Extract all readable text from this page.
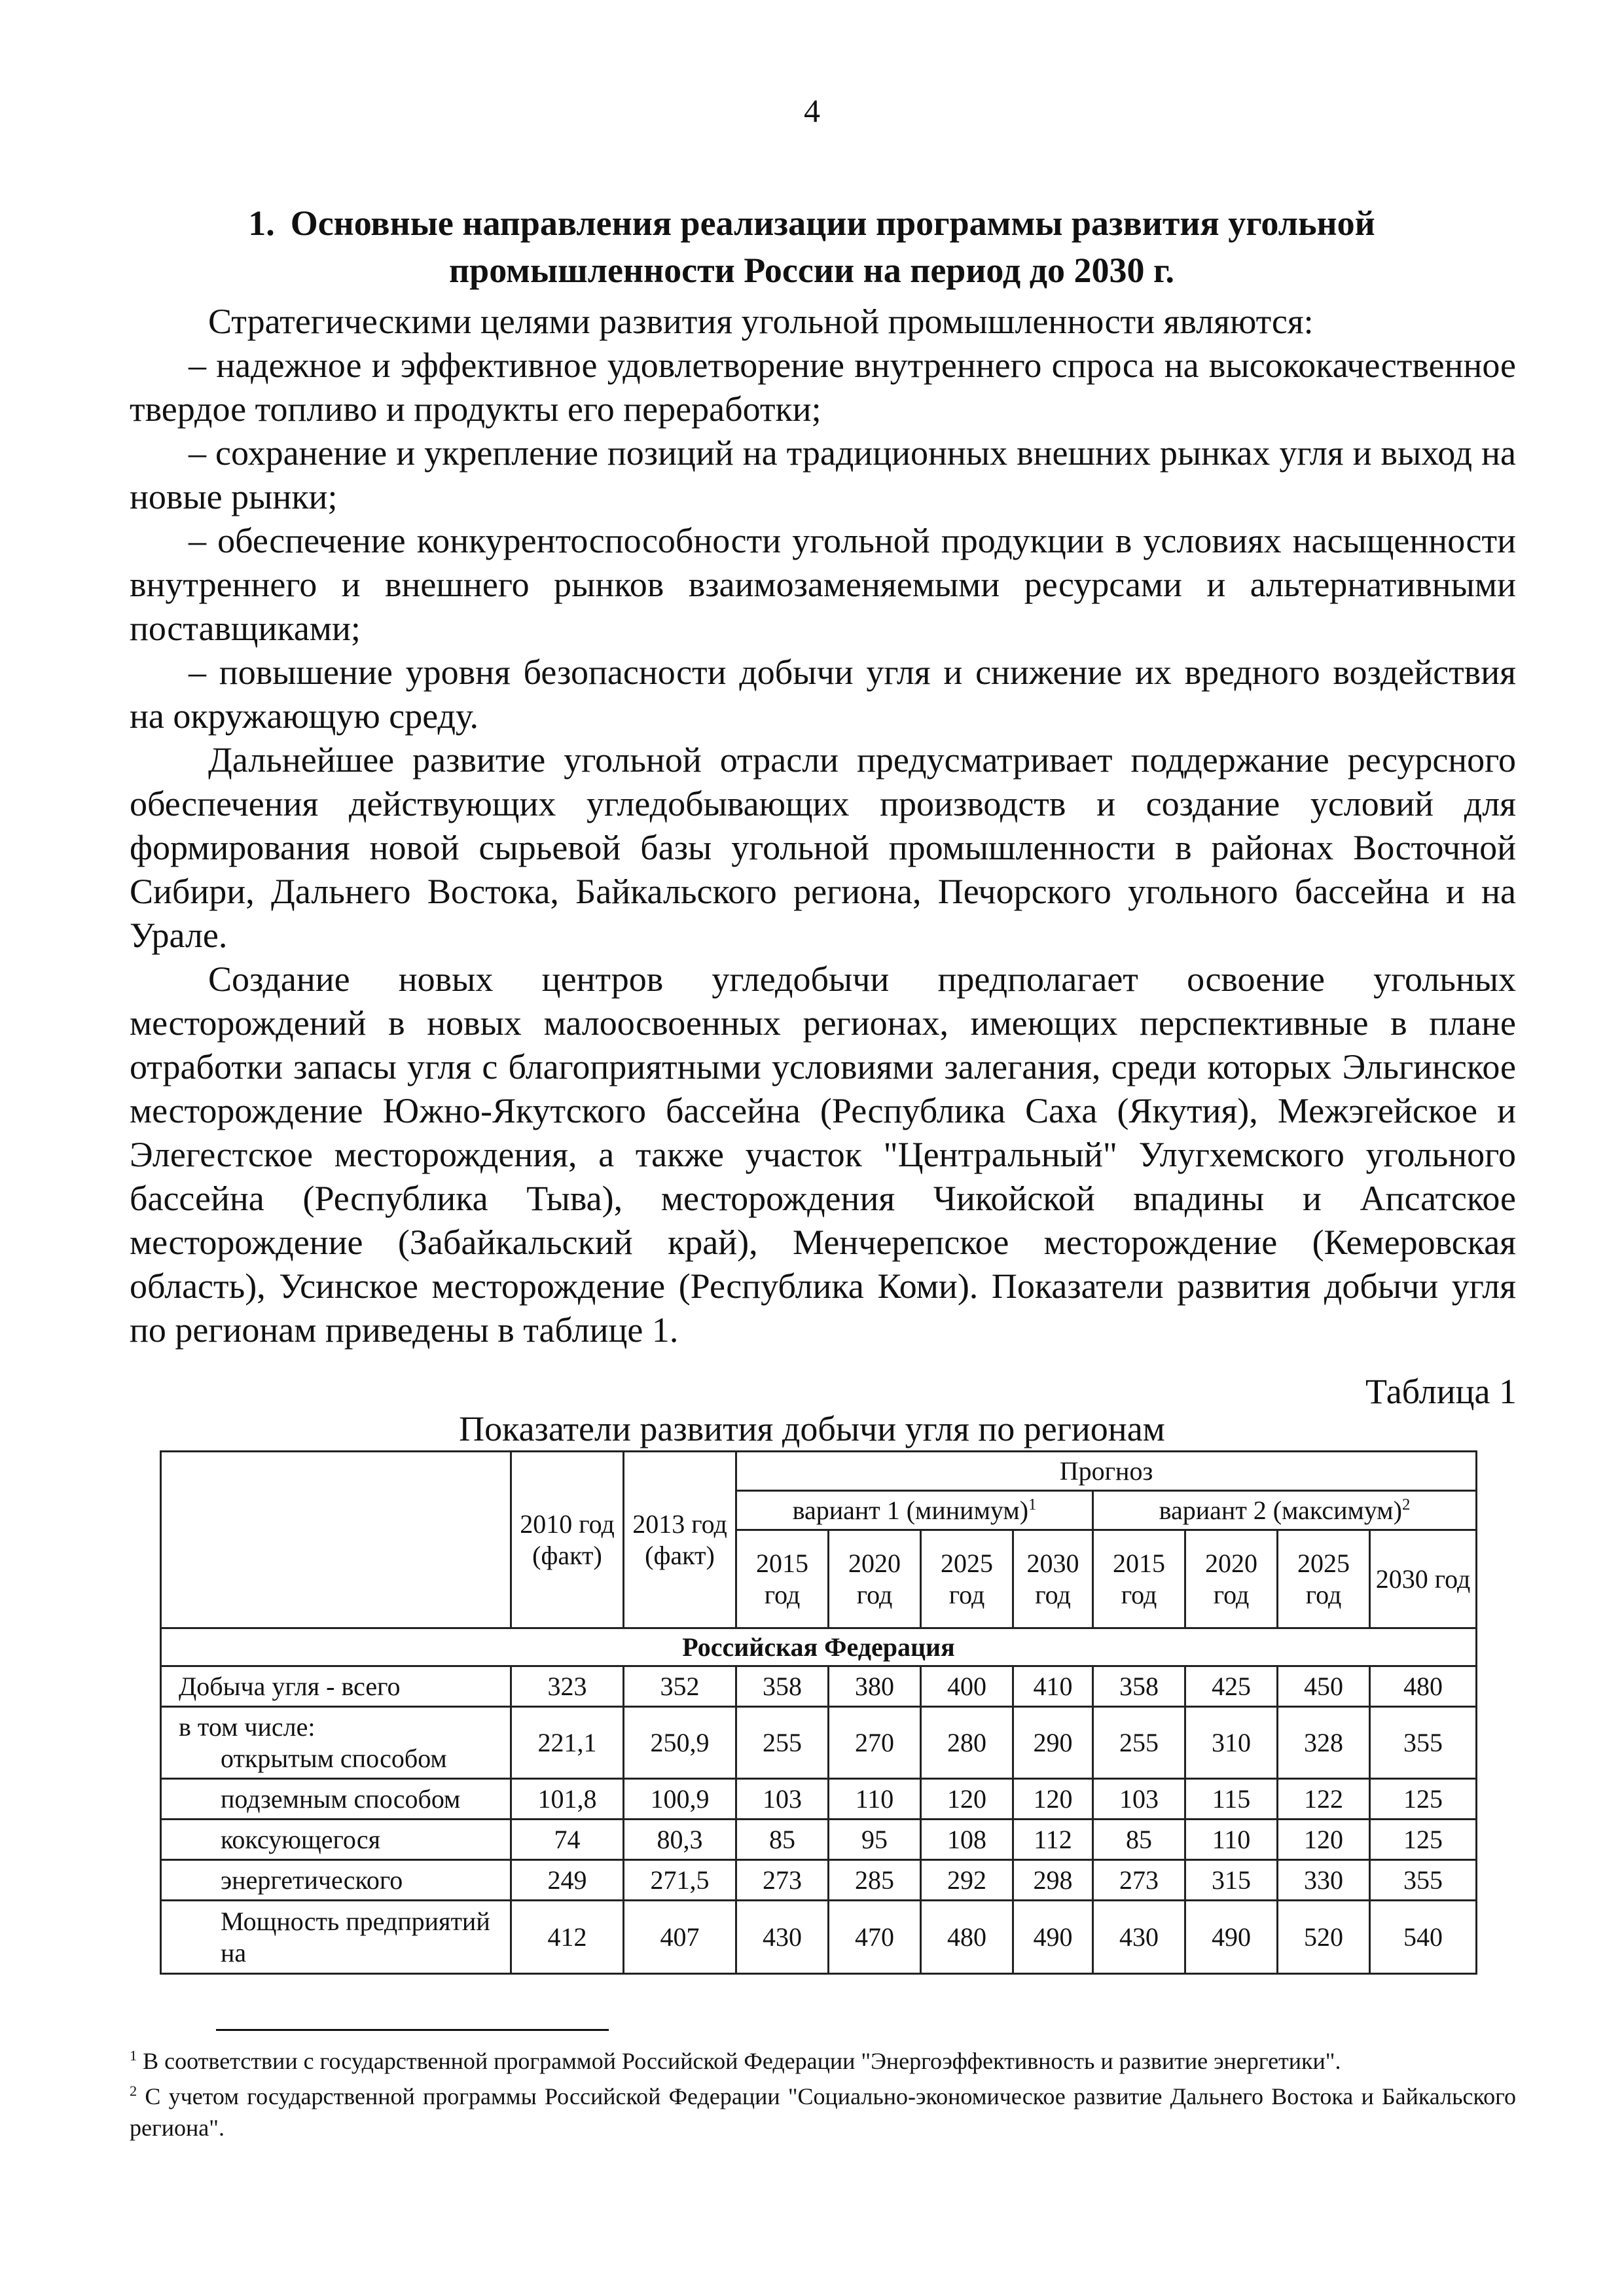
4
1. Основные направления реализации программы развития угольной
промышленности России на период до 2030 г.

Стратегическими целями развития угольной промышленности являются:

– надежное и эффективное удовлетворение внутреннего спроса на высококачественное твердое топливо и продукты его переработки;

– сохранение и укрепление позиций на традиционных внешних рынках угля и выход на новые рынки;

– обеспечение конкурентоспособности угольной продукции в условиях насыщенности внутреннего и внешнего рынков взаимозаменяемыми ресурсами и альтернативными поставщиками;

– повышение уровня безопасности добычи угля и снижение их вредного воздействия на окружающую среду.

Дальнейшее развитие угольной отрасли предусматривает поддержание ресурсного обеспечения действующих угледобывающих производств и создание условий для формирования новой сырьевой базы угольной промышленности в районах Восточной Сибири, Дальнего Востока, Байкальского региона, Печорского угольного бассейна и на Урале.

Создание новых центров угледобычи предполагает освоение угольных месторождений в новых малоосвоенных регионах, имеющих перспективные в плане отработки запасы угля с благоприятными условиями залегания, среди которых Эльгинское месторождение Южно-Якутского бассейна (Республика Саха (Якутия), Межэгейское и Элегестское месторождения, а также участок "Центральный" Улугхемского угольного бассейна (Республика Тыва), месторождения Чикойской впадины и Апсатское месторождение (Забайкальский край), Менчерепское месторождение (Кемеровская область), Усинское месторождение (Республика Коми). Показатели развития добычи угля по регионам приведены в таблице 1.

Таблица 1
Показатели развития добычи угля по регионам
	2010 год (факт)	2013 год (факт)	Прогноз							
			вариант 1 (минимум)$^1$				вариант 2 (максимум)$^2$
			2015 год	2020 год	2025 год	2030 год	2015 год	2020 год	2025 год	2030 год
Российская Федерация										
Добыча угля - всего	323	352	358	380	400	410	358	425	450	480

в том числе:
открытым способом	221,1	250,9	255	270	280	290	255	310	328	355
подземным способом	101,8	100,9	103	110	120	120	103	115	122	125
коксующегося	74	80,3	85	95	108	112	85	110	120	125
энергетического	249	271,5	273	285	292	298	273	315	330	355
Мощность предприятий на	412	407	430	470	480	490	430	490	520	540

$^1$ В соответствии с государственной программой Российской Федерации "Энергоэффективность и развитие энергетики".

$^2$ С учетом государственной программы Российской Федерации "Социально-экономическое развитие Дальнего Востока и Байкальского региона".
